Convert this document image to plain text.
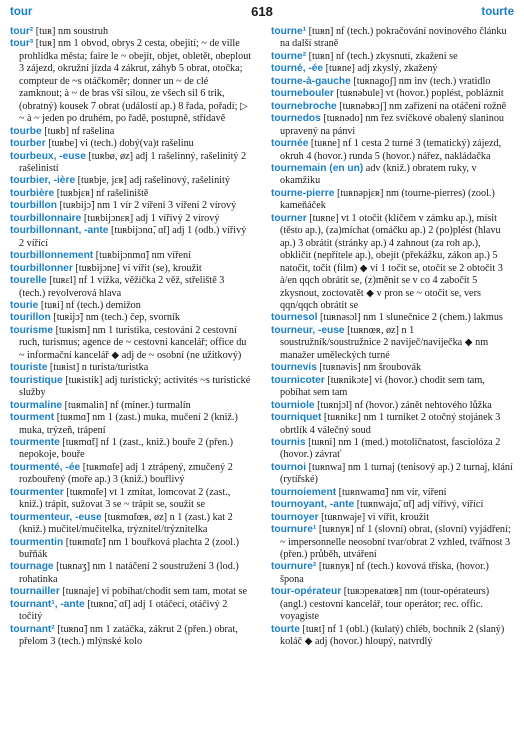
tour	618	tourte

tour² [tuʀ] nm soustruh

tour³ [tuʀ] nm 1 obvod, obrys 2 cesta, obejití; ~ de ville prohlídka města; faire le ~ obejít, objet, obletět, obeplout 3 zájezd, okružní jízda 4 zákrut, záhyb 5 obrat, otočka; compteur de ~s otáčkoměr; donner un ~ de clé zamknout; à ~ de bras vší silou, ze všech sil 6 trik, (obratný) kousek 7 obrat (událostí ap.) 8 řada, pořadí; ▷ ~ à ~ jeden po druhém, po řadě, postupně, střídavě

tourbe [tuʀb] nf rašelina

tourber [tuʀbe] vi (tech.) dobý(va)t rašelinu

tourbeux, -euse [tuʀbø, øz] adj 1 rašelinný, rašelinitý 2 rašelinistí

tourbier, -ière [tuʀbje, jɛʀ] adj rašelinový, rašelinitý

tourbière [tuʀbjɛʀ] nf rašeliniště

tourbillon [tuʀbijɔ̃] nm 1 vír 2 víření 3 víření 2 vírový

tourbillonnaire [tuʀbijɔnɛʀ] adj 1 vířivý 2 vírový

tourbillonnant, -ante [tuʀbijɔnɑ̃, ɑ̃t] adj 1 (odb.) vířivý 2 vířící

tourbillonnement [tuʀbijɔnmɑ̃] nm víření

tourbillonner [tuʀbijɔne] vi vířit (se), kroužit

tourelle [tuʀɛl] nf 1 vížka, věžička 2 věž, střeliště 3 (tech.) revolverová hlava

tourie [tuʀi] nf (tech.) demižon

tourillon [tuʀijɔ̃] nm (tech.) čep, svorník

tourisme [tuʀism] nm 1 turistika, cestování 2 cestovní ruch, turismus; agence de ~ cestovní kancelář; office du ~ informační kancelář ◆ adj de ~ osobní (ne užitkový)

touriste [tuʀist] n turista/turistka

touristique [tuʀistik] adj turistický; activités ~s turistické služby

tourmaline [tuʀmalin] nf (miner.) turmalín

tourment [tuʀmɑ̃] nm 1 (zast.) muka, mučení 2 (kniž.) muka, trýzeň, trápení

tourmente [tuʀmɑ̃t] nf 1 (zast., kniž.) bouře 2 (přen.) nepokoje, bouře

tourmenté, -ée [tuʀmɑ̃te] adj 1 ztrápený, zmučený 2 rozbouřený (moře ap.) 3 (kniž.) bouřlivý

tourmenter [tuʀmɑ̃te] vt 1 zmítat, lomcovat 2 (zast., kniž.) trápit, sužovat 3 se ~ trápit se, soužit se

tourmenteur, -euse [tuʀmɑ̃tœʀ, øz] n 1 (zast.) kat 2 (kniž.) mučitel/mučitelka, trýznitel/trýznitelka

tourmentin [tuʀmɑ̃tɛ̃] nm 1 bouřková plachta 2 (zool.) buřňák

tournage [tuʀnaʒ] nm 1 natáčení 2 soustružení 3 (lod.) rohatinka

tournailler [tuʀnaje] vi pobíhat/chodit sem tam, motat se

tournant¹, -ante [tuʀnɑ̃, ɑ̃t] adj 1 otáčecí, otáčivý 2 točitý

tournant² [tuʀnɑ̃] nm 1 zatáčka, zákrut 2 (přen.) obrat, přelom 3 (tech.) mlýnské kolo

tourne¹ [tuʀn] nf (tech.) pokračování novinového článku na další straně

tourne² [tuʀn] nf (tech.) zkysnutí, zkažení se

tourné, -ée [tuʀne] adj zkyslý, zkažený

tourne-à-gauche [tuʀnagoʃ] nm inv (tech.) vratidlo

tournebouler [tuʀnəbule] vt (hovor.) poplést, pobláznit

tournebroche [tuʀnəbʀɔʃ] nm zařízení na otáčení rožně

tournedos [tuʀnədo] nm řez svíčkové obalený slaninou upravený na pánvi

tournée [tuʀne] nf 1 cesta 2 turné 3 (tematický) zájezd, okruh 4 (hovor.) runda 5 (hovor.) nářez, nakládačka

tournemain (en un) adv (kniž.) obratem ruky, v okamžiku

tourne-pierre [tuʀnəpjɛʀ] nm (tourne-pierres) (zool.) kameňáček

tourner [tuʀne] vt 1 otočit (klíčem v zámku ap.), mísit (těsto ap.), (za)míchat (omáčku ap.) 2 (po)plést (hlavu ap.) 3 obrátit (stránky ap.) 4 zahnout (za roh ap.), obkličit (nepřítele ap.), obejít (překážku, zákon ap.) 5 natočit, točit (film) ◆ vi 1 točit se, otočit se 2 obtočit 3 à/en qqch obrátit se, (z)měnit se v co 4 zabočit 5 zkysnout, zoctovatět ◆ v pron se ~ otočit se, vers qqn/qqch obrátit se

tournesol [tuʀnəsɔl] nm 1 slunečnice 2 (chem.) lakmus

tourneur, -euse [tuʀnœʀ, øz] n 1 soustružník/soustružnice 2 navíječ/navíječka ◆ nm manažer uměleckých turné

tournevis [tuʀnəvis] nm šroubovák

tournicoter [tuʀnikɔte] vi (hovor.) chodit sem tam, pobíhat sem tam

tourniole [tuʀnjɔl] nf (hovor.) zánět nehtového lůžka

tourniquet [tuʀnikɛ] nm 1 turniket 2 otočný stojánek 3 obrtlík 4 válečný soud

tournis [tuʀni] nm 1 (med.) motoličnatost, fasciolóza 2 (hovor.) závrať

tournoi [tuʀnwa] nm 1 turnaj (tenisový ap.) 2 turnaj, klání (rytířské)

tournoiement [tuʀnwamɑ̃] nm vír, víření

tournoyant, -ante [tuʀnwajɑ̃, ɑ̃t] adj vířivý, vířící

tournoyer [tuʀnwaje] vi vířit, kroužit

tournure¹ [tuʀnyʀ] nf 1 (slovní) obrat, (slovní) vyjádření; ~ impersonnelle neosobní tvar/obrat 2 vzhled, tvářnost 3 (přen.) průběh, utváření

tournure² [tuʀnyʀ] nf (tech.) kovová tříska, (hovor.) špona

tour-opérateur [tuʀɔpeʀatœʀ] nm (tour-opérateurs) (angl.) cestovní kancelář, tour operátor; rec. offic. voyagiste

tourte [tuʀt] nf 1 (obl.) (kulatý) chléb, bochník 2 (slaný) koláč ◆ adj (hovor.) hloupý, natvrdlý
